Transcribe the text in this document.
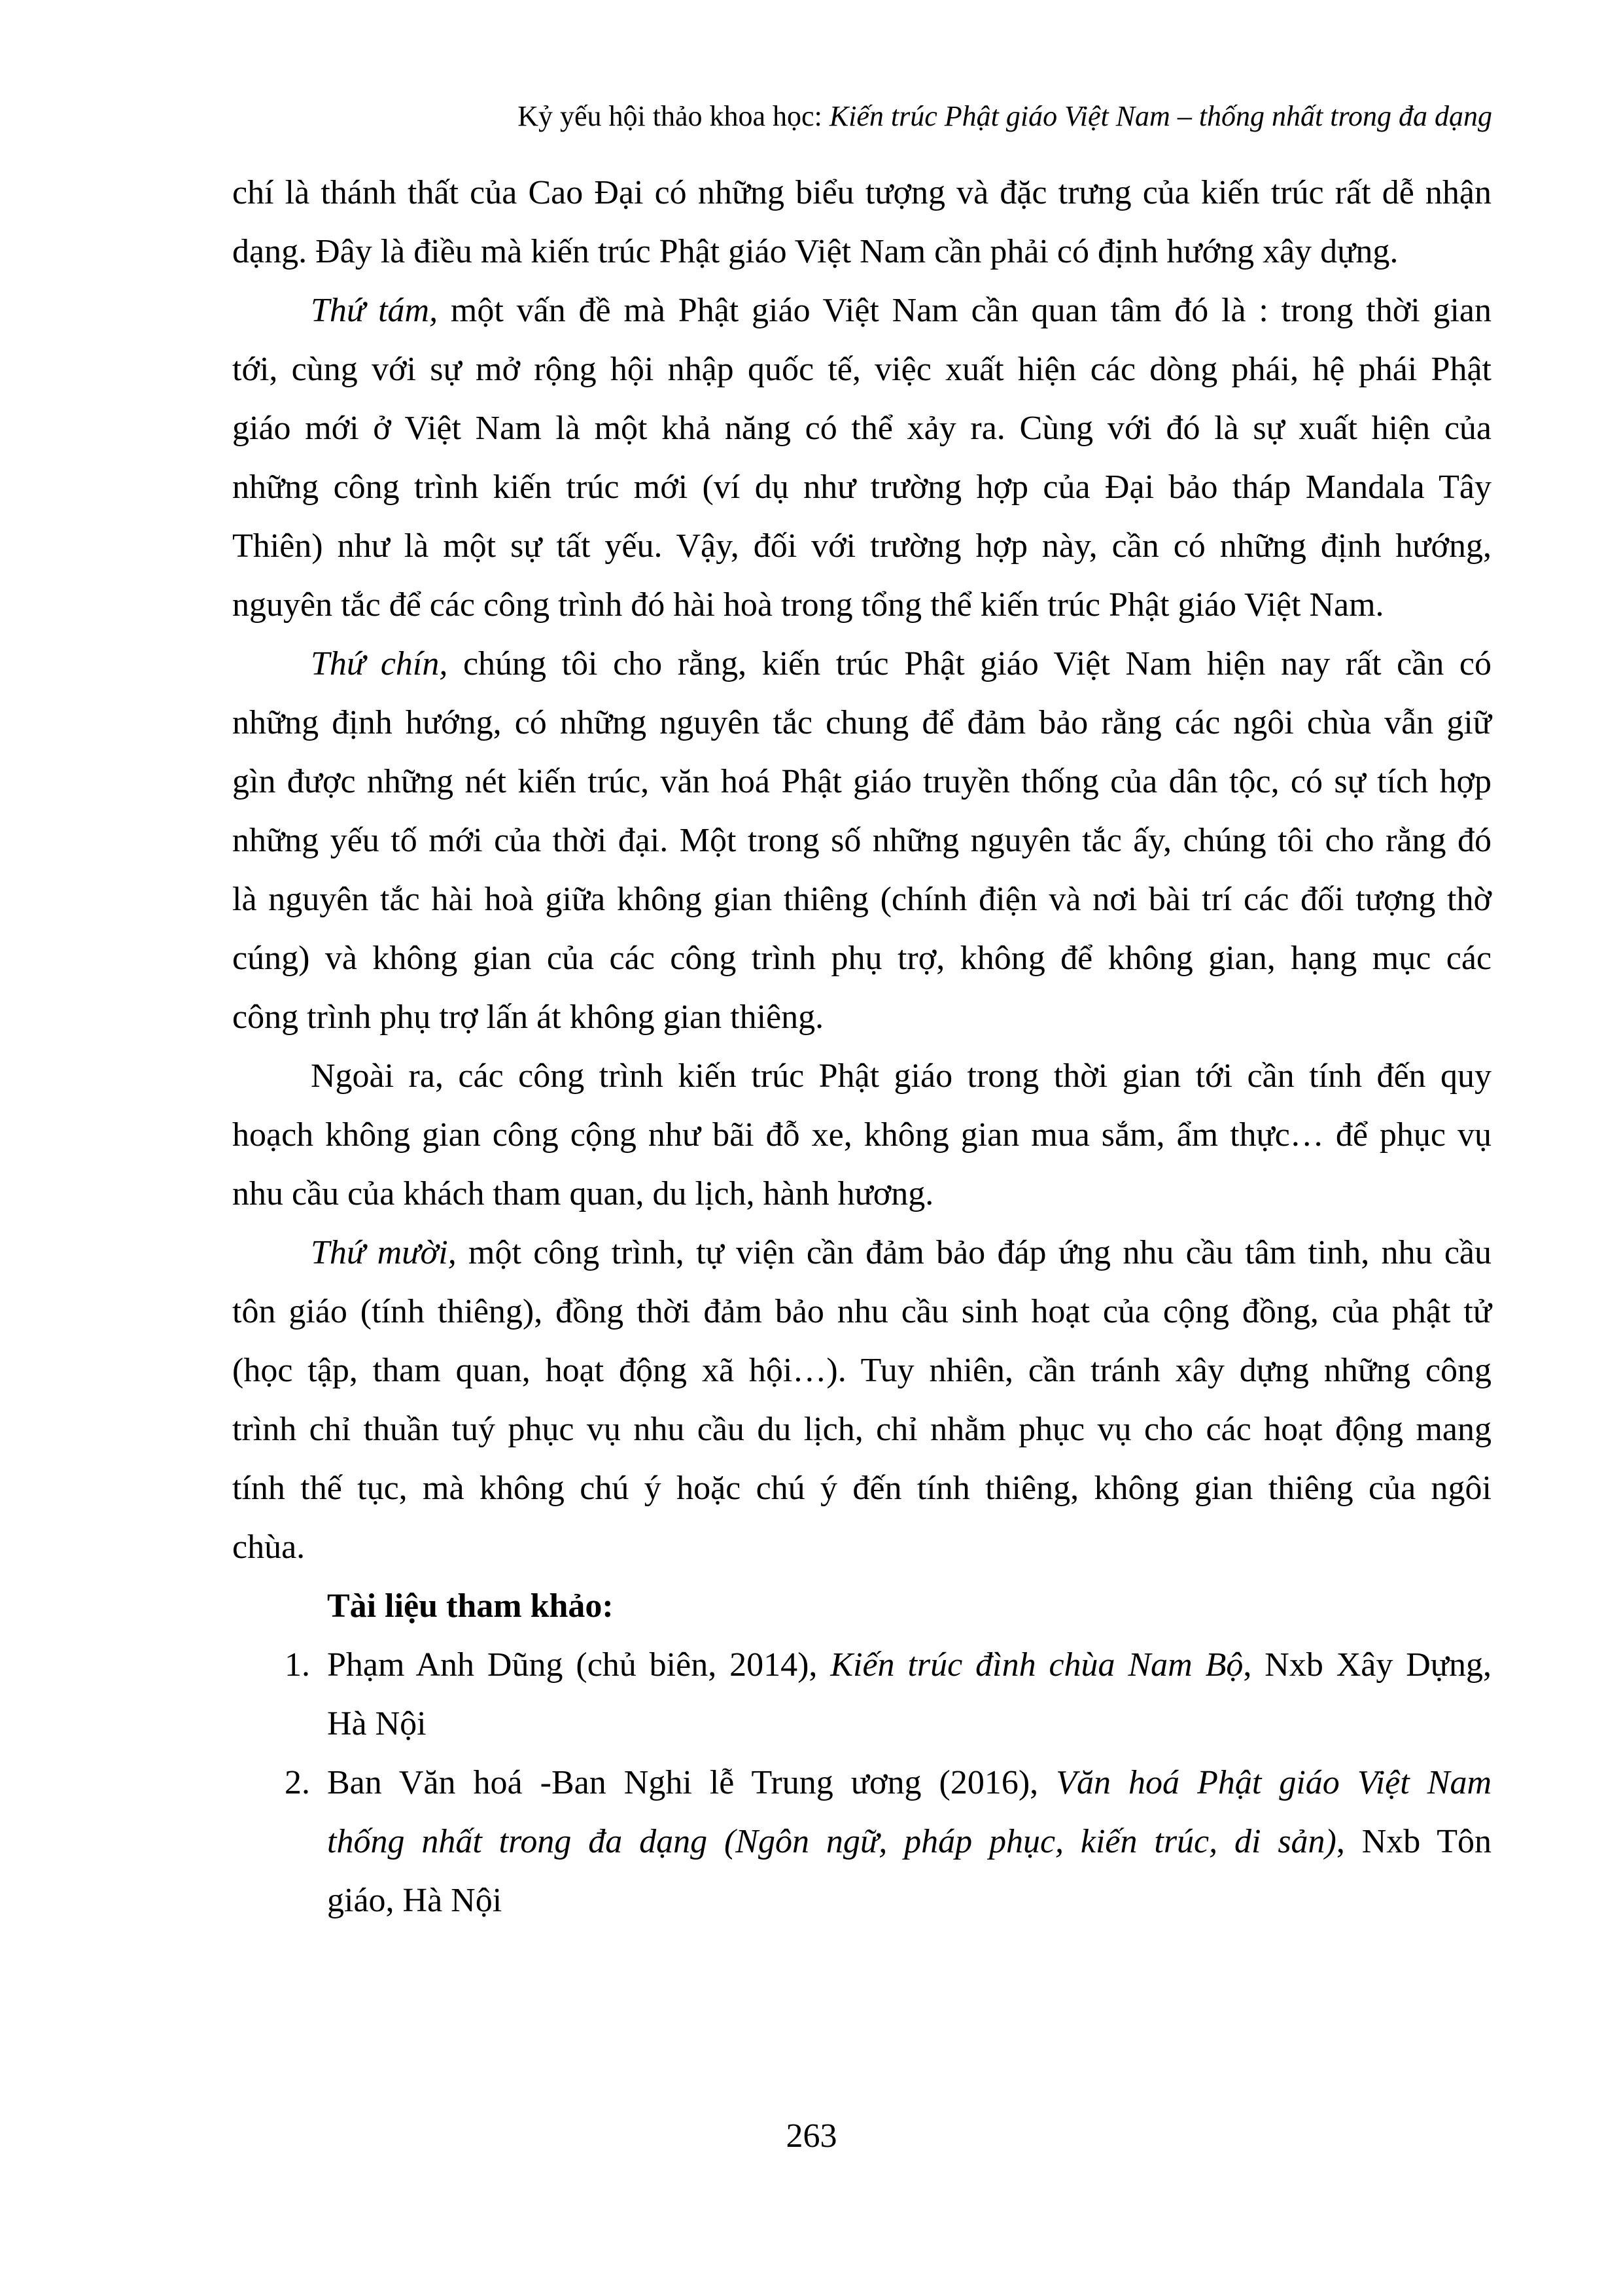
Kỷ yếu hội thảo khoa học: Kiến trúc Phật giáo Việt Nam – thống nhất trong đa dạng
chí là thánh thất của Cao Đại có những biểu tượng và đặc trưng của kiến trúc rất dễ nhận
dạng. Đây là điều mà kiến trúc Phật giáo Việt Nam cần phải có định hướng xây dựng.
Thứ tám, một vấn đề mà Phật giáo Việt Nam cần quan tâm đó là : trong thời gian
tới, cùng với sự mở rộng hội nhập quốc tế, việc xuất hiện các dòng phái, hệ phái Phật
giáo mới ở Việt Nam là một khả năng có thể xảy ra. Cùng với đó là sự xuất hiện của
những công trình kiến trúc mới (ví dụ như trường hợp của Đại bảo tháp Mandala Tây
Thiên) như là một sự tất yếu. Vậy, đối với trường hợp này, cần có những định hướng,
nguyên tắc để các công trình đó hài hoà trong tổng thể kiến trúc Phật giáo Việt Nam.
Thứ chín, chúng tôi cho rằng, kiến trúc Phật giáo Việt Nam hiện nay rất cần có
những định hướng, có những nguyên tắc chung để đảm bảo rằng các ngôi chùa vẫn giữ
gìn được những nét kiến trúc, văn hoá Phật giáo truyền thống của dân tộc, có sự tích hợp
những yếu tố mới của thời đại. Một trong số những nguyên tắc ấy, chúng tôi cho rằng đó
là nguyên tắc hài hoà giữa không gian thiêng (chính điện và nơi bài trí các đối tượng thờ
cúng) và không gian của các công trình phụ trợ, không để không gian, hạng mục các
công trình phụ trợ lấn át không gian thiêng.
Ngoài ra, các công trình kiến trúc Phật giáo trong thời gian tới cần tính đến quy
hoạch không gian công cộng như bãi đỗ xe, không gian mua sắm, ẩm thực… để phục vụ
nhu cầu của khách tham quan, du lịch, hành hương.
Thứ mười, một công trình, tự viện cần đảm bảo đáp ứng nhu cầu tâm tinh, nhu cầu
tôn giáo (tính thiêng), đồng thời đảm bảo nhu cầu sinh hoạt của cộng đồng, của phật tử
(học tập, tham quan, hoạt động xã hội…). Tuy nhiên, cần tránh xây dựng những công
trình chỉ thuần tuý phục vụ nhu cầu du lịch, chỉ nhằm phục vụ cho các hoạt động mang
tính thế tục, mà không chú ý hoặc chú ý đến tính thiêng, không gian thiêng của ngôi
chùa.
Tài liệu tham khảo:
1. Phạm Anh Dũng (chủ biên, 2014), Kiến trúc đình chùa Nam Bộ, Nxb Xây Dựng,
Hà Nội
2. Ban Văn hoá -Ban Nghi lễ Trung ương (2016), Văn hoá Phật giáo Việt Nam
thống nhất trong đa dạng (Ngôn ngữ, pháp phục, kiến trúc, di sản), Nxb Tôn
giáo, Hà Nội
263
